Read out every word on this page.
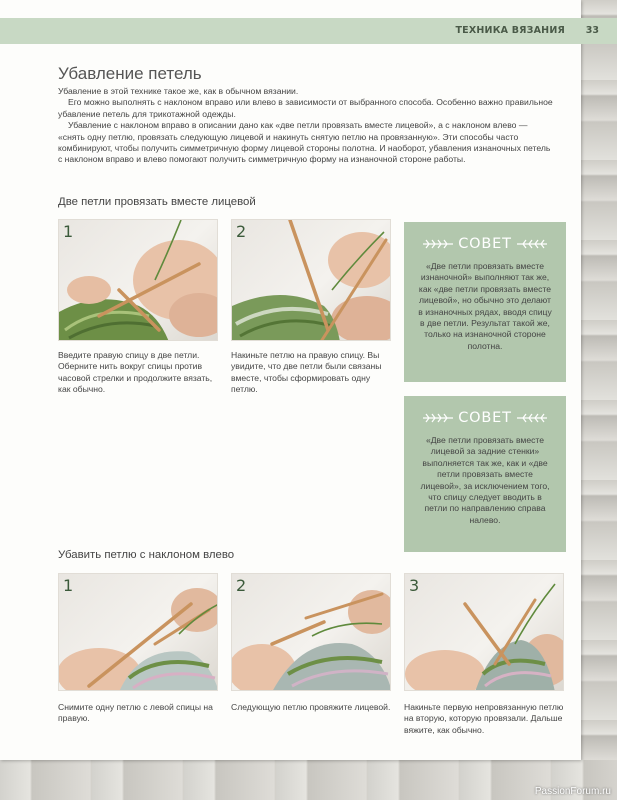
ТЕХНИКА ВЯЗАНИЯ 33
Убавление петель

Убавление в этой технике такое же, как в обычном вязании.

Его можно выполнять с наклоном вправо или влево в зависимости от выбранного способа. Особенно важно правильное убавление петель для трикотажной одежды.

Убавление с наклоном вправо в описании дано как «две петли провязать вместе лицевой», а с наклоном влево — «снять одну петлю, провязать следующую лицевой и накинуть снятую петлю на провязанную». Эти способы часто комбинируют, чтобы получить симметричную форму лицевой стороны полотна. И наоборот, убавления изнаночных петель с наклоном вправо и влево помогают получить симметричную форму на изнаночной стороне работы.

Две петли провязать вместе лицевой
1
Введите правую спицу в две петли. Оберните нить вокруг спицы против часовой стрелки и продолжите вязать, как обычно.
2
Накиньте петлю на правую спицу. Вы увидите, что две петли были связаны вместе, чтобы сформировать одну петлю.
СОВЕТ
«Две петли провязать вместе изнаночной» выполняют так же, как «две петли провязать вместе лицевой», но обычно это делают в изнаночных рядах, вводя спицу в две петли. Результат такой же, только на изнаночной стороне полотна.
СОВЕТ
«Две петли провязать вместе лицевой за задние стенки» выполняется так же, как и «две петли провязать вместе лицевой», за исключением того, что спицу следует вводить в петли по направлению справа налево.
Убавить петлю с наклоном влево
1
Снимите одну петлю с левой спицы на правую.
2
Следующую петлю провяжите лицевой.
3
Накиньте первую непровязанную петлю на вторую, которую провязали. Дальше вяжите, как обычно.
PassionForum.ru
